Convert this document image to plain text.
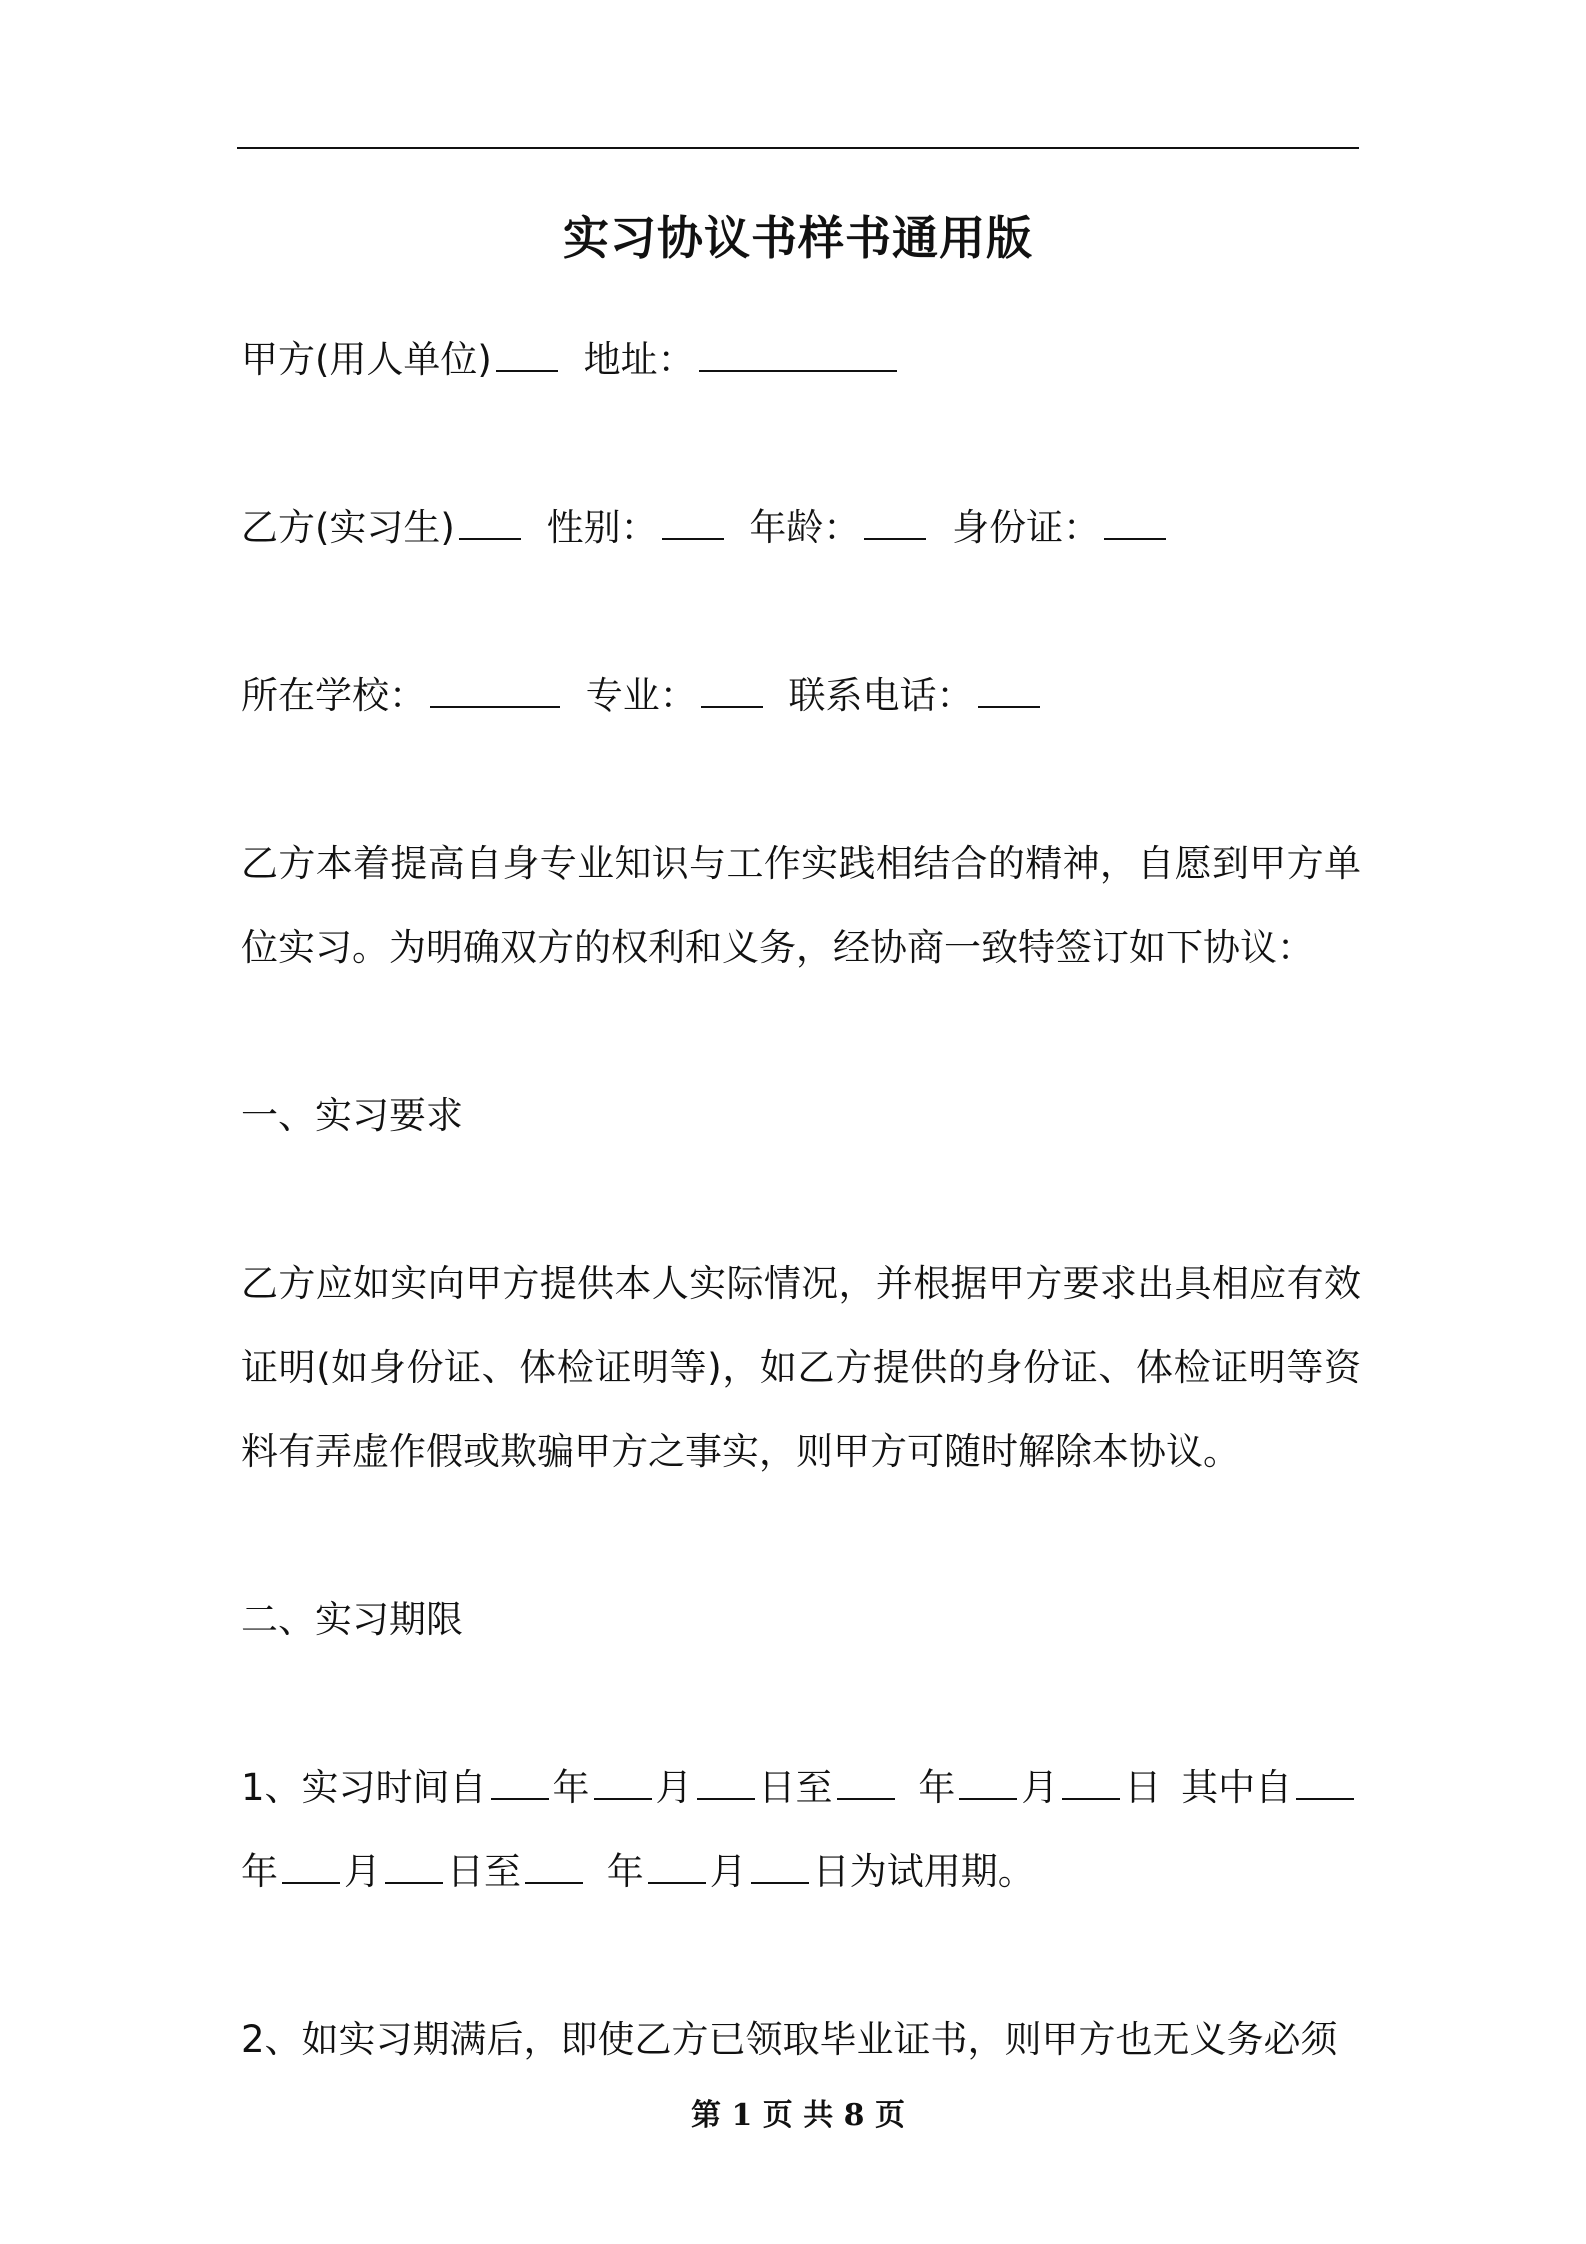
实习协议书样书通用版
甲方(用人单位) 地址：
乙方(实习生) 性别： 年龄： 身份证：
所在学校：	专业： 联系电话：
乙方本着提高自身专业知识与工作实践相结合的精神，自愿到甲方单位实习。为明确双方的权利和义务，经协商一致特签订如下协议：
一、实习要求
乙方应如实向甲方提供本人实际情况，并根据甲方要求出具相应有效证明(如身份证、体检证明等)，如乙方提供的身份证、体检证明等资料有弄虚作假或欺骗甲方之事实，则甲方可随时解除本协议。
二、实习期限
1、实习时间自 年 月 日至 年 月 日 其中自
年 月 日至 年 月 日为试用期。
2、如实习期满后，即使乙方已领取毕业证书，则甲方也无义务必须
第 1 页 共 8 页
